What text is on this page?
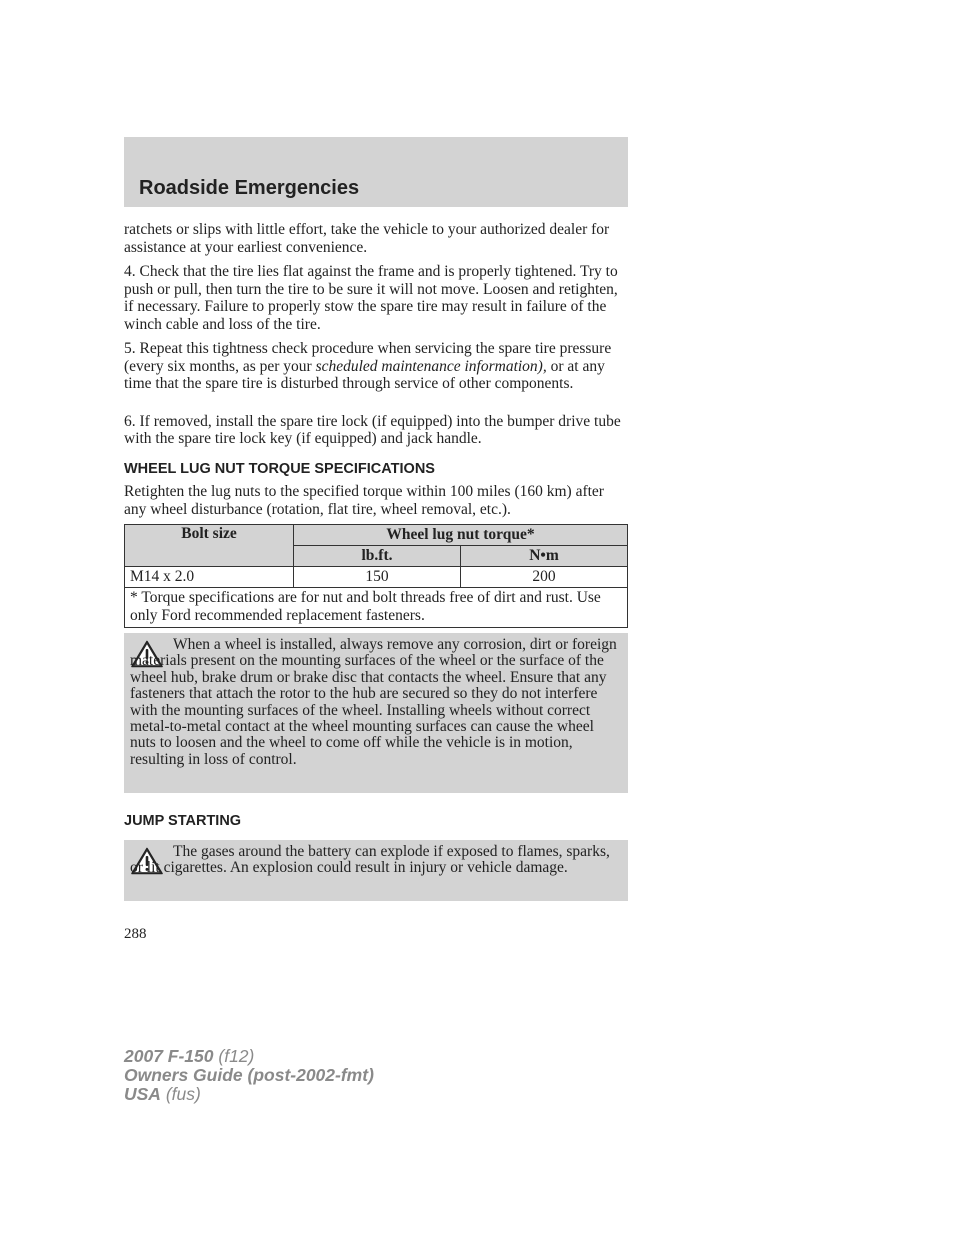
Roadside Emergencies

ratchets or slips with little effort, take the vehicle to your authorized dealer for assistance at your earliest convenience.

4. Check that the tire lies flat against the frame and is properly tightened. Try to push or pull, then turn the tire to be sure it will not move. Loosen and retighten, if necessary. Failure to properly stow the spare tire may result in failure of the winch cable and loss of the tire.

5. Repeat this tightness check procedure when servicing the spare tire pressure (every six months, as per your scheduled maintenance information), or at any time that the spare tire is disturbed through service of other components.

6. If removed, install the spare tire lock (if equipped) into the bumper drive tube with the spare tire lock key (if equipped) and jack handle.

WHEEL LUG NUT TORQUE SPECIFICATIONS

Retighten the lug nuts to the specified torque within 100 miles (160 km) after any wheel disturbance (rotation, flat tire, wheel removal, etc.).

Bolt size	Wheel lug nut torque*	
	lb.ft.	N•m
M14 x 2.0	150	200
* Torque specifications are for nut and bolt threads free of dirt and rust. Use only Ford recommended replacement fasteners.		

When a wheel is installed, always remove any corrosion, dirt or foreign materials present on the mounting surfaces of the wheel or the surface of the wheel hub, brake drum or brake disc that contacts the wheel. Ensure that any fasteners that attach the rotor to the hub are secured so they do not interfere with the mounting surfaces of the wheel. Installing wheels without correct metal-to-metal contact at the wheel mounting surfaces can cause the wheel nuts to loosen and the wheel to come off while the vehicle is in motion, resulting in loss of control.

JUMP STARTING

The gases around the battery can explode if exposed to flames, sparks, or lit cigarettes. An explosion could result in injury or vehicle damage.

288
2007 F-150 (f12)
Owners Guide (post-2002-fmt)
USA (fus)
